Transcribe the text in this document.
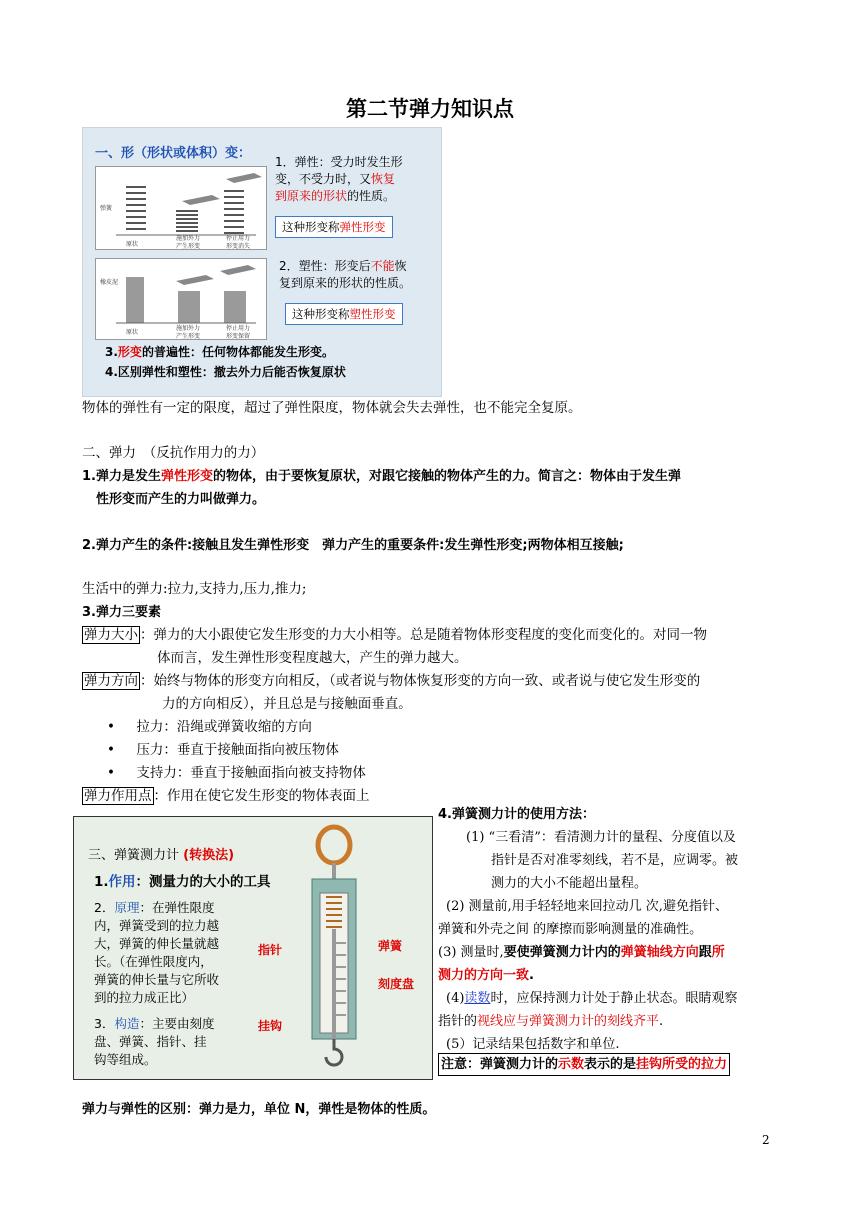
第二节弹力知识点
一、形（形状或体积）变：
弹簧
原状
施加外力
产生形变
停止用力
形变消失
橡皮泥
原状
施加外力
产生形变
停止用力
形变保留
1．弹性：受力时发生形
变，不受力时，又恢复
到原来的形状的性质。
这种形变称弹性形变
2．塑性：形变后不能恢
复到原来的形状的性质。
这种形变称塑性形变
3.形变的普遍性：任何物体都能发生形变。
4.区别弹性和塑性：撤去外力后能否恢复原状
物体的弹性有一定的限度，超过了弹性限度，物体就会失去弹性，也不能完全复原。
二、弹力　（反抗作用力的力）
1.弹力是发生弹性形变的物体，由于要恢复原状，对跟它接触的物体产生的力。简言之：物体由于发生弹
性形变而产生的力叫做弹力。
2.弹力产生的条件:接触且发生弹性形变　弹力产生的重要条件:发生弹性形变;两物体相互接触;
生活中的弹力:拉力,支持力,压力,推力;
3.弹力三要素
弹力大小 ：弹力的大小跟使它发生形变的力大小相等。总是随着物体形变程度的变化而变化的。对同一物
体而言，发生弹性形变程度越大，产生的弹力越大。
弹力方向 ：始终与物体的形变方向相反，（或者说与物体恢复形变的方向一致、或者说与使它发生形变的
力的方向相反），并且总是与接触面垂直。
•     拉力：沿绳或弹簧收缩的方向
•     压力：垂直于接触面指向被压物体
•     支持力：垂直于接触面指向被支持物体
弹力作用点 ：作用在使它发生形变的物体表面上
三、弹簧测力计 (转换法)
1.作用：测量力的大小的工具
2．原理：在弹性限度
内，弹簧受到的拉力越
大，弹簧的伸长量就越
长。（在弹性限度内，
弹簧的伸长量与它所收
到的拉力成正比）
3．构造：主要由刻度
盘、弹簧、指针、挂
钩等组成。
指针	弹簧
刻度盘
挂钩
4.弹簧测力计的使用方法：
(1) “三看清”：看清测力计的量程、分度值以及
指针是否对准零刻线，若不是，应调零。被
测力的大小不能超出量程。
(2) 测量前,用手轻轻地来回拉动几 次,避免指针、
弹簧和外壳之间 的摩擦而影响测量的准确性。
(3) 测量时,要使弹簧测力计内的弹簧轴线方向跟所
测力的方向一致.
(4)读数时，应保持测力计处于静止状态。眼睛观察
指针的视线应与弹簧测力计的刻线齐平.
(5）记录结果包括数字和单位.
注意：弹簧测力计的示数表示的是挂钩所受的拉力
弹力与弹性的区别：弹力是力，单位 N，弹性是物体的性质。
2
